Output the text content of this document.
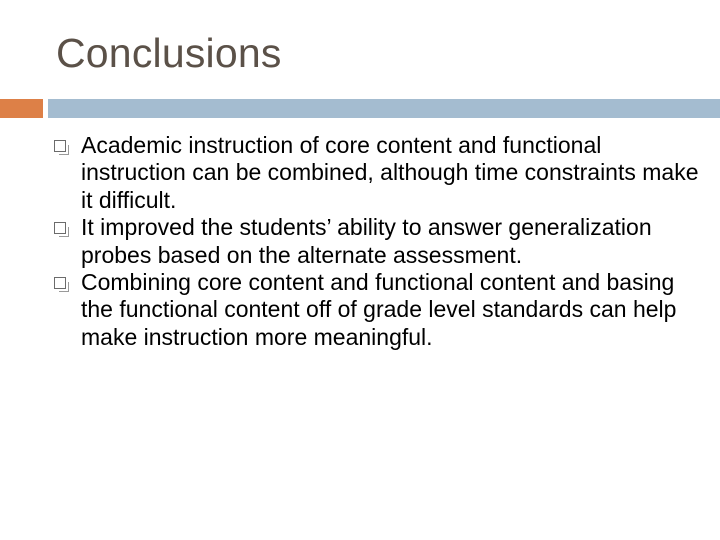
Conclusions
Academic instruction of core content and functional instruction can be combined, although time constraints make it difficult.
It improved the students’ ability to answer generalization probes based on the alternate assessment.
Combining core content and functional content and basing the functional content off of grade level standards can help make instruction more meaningful.
